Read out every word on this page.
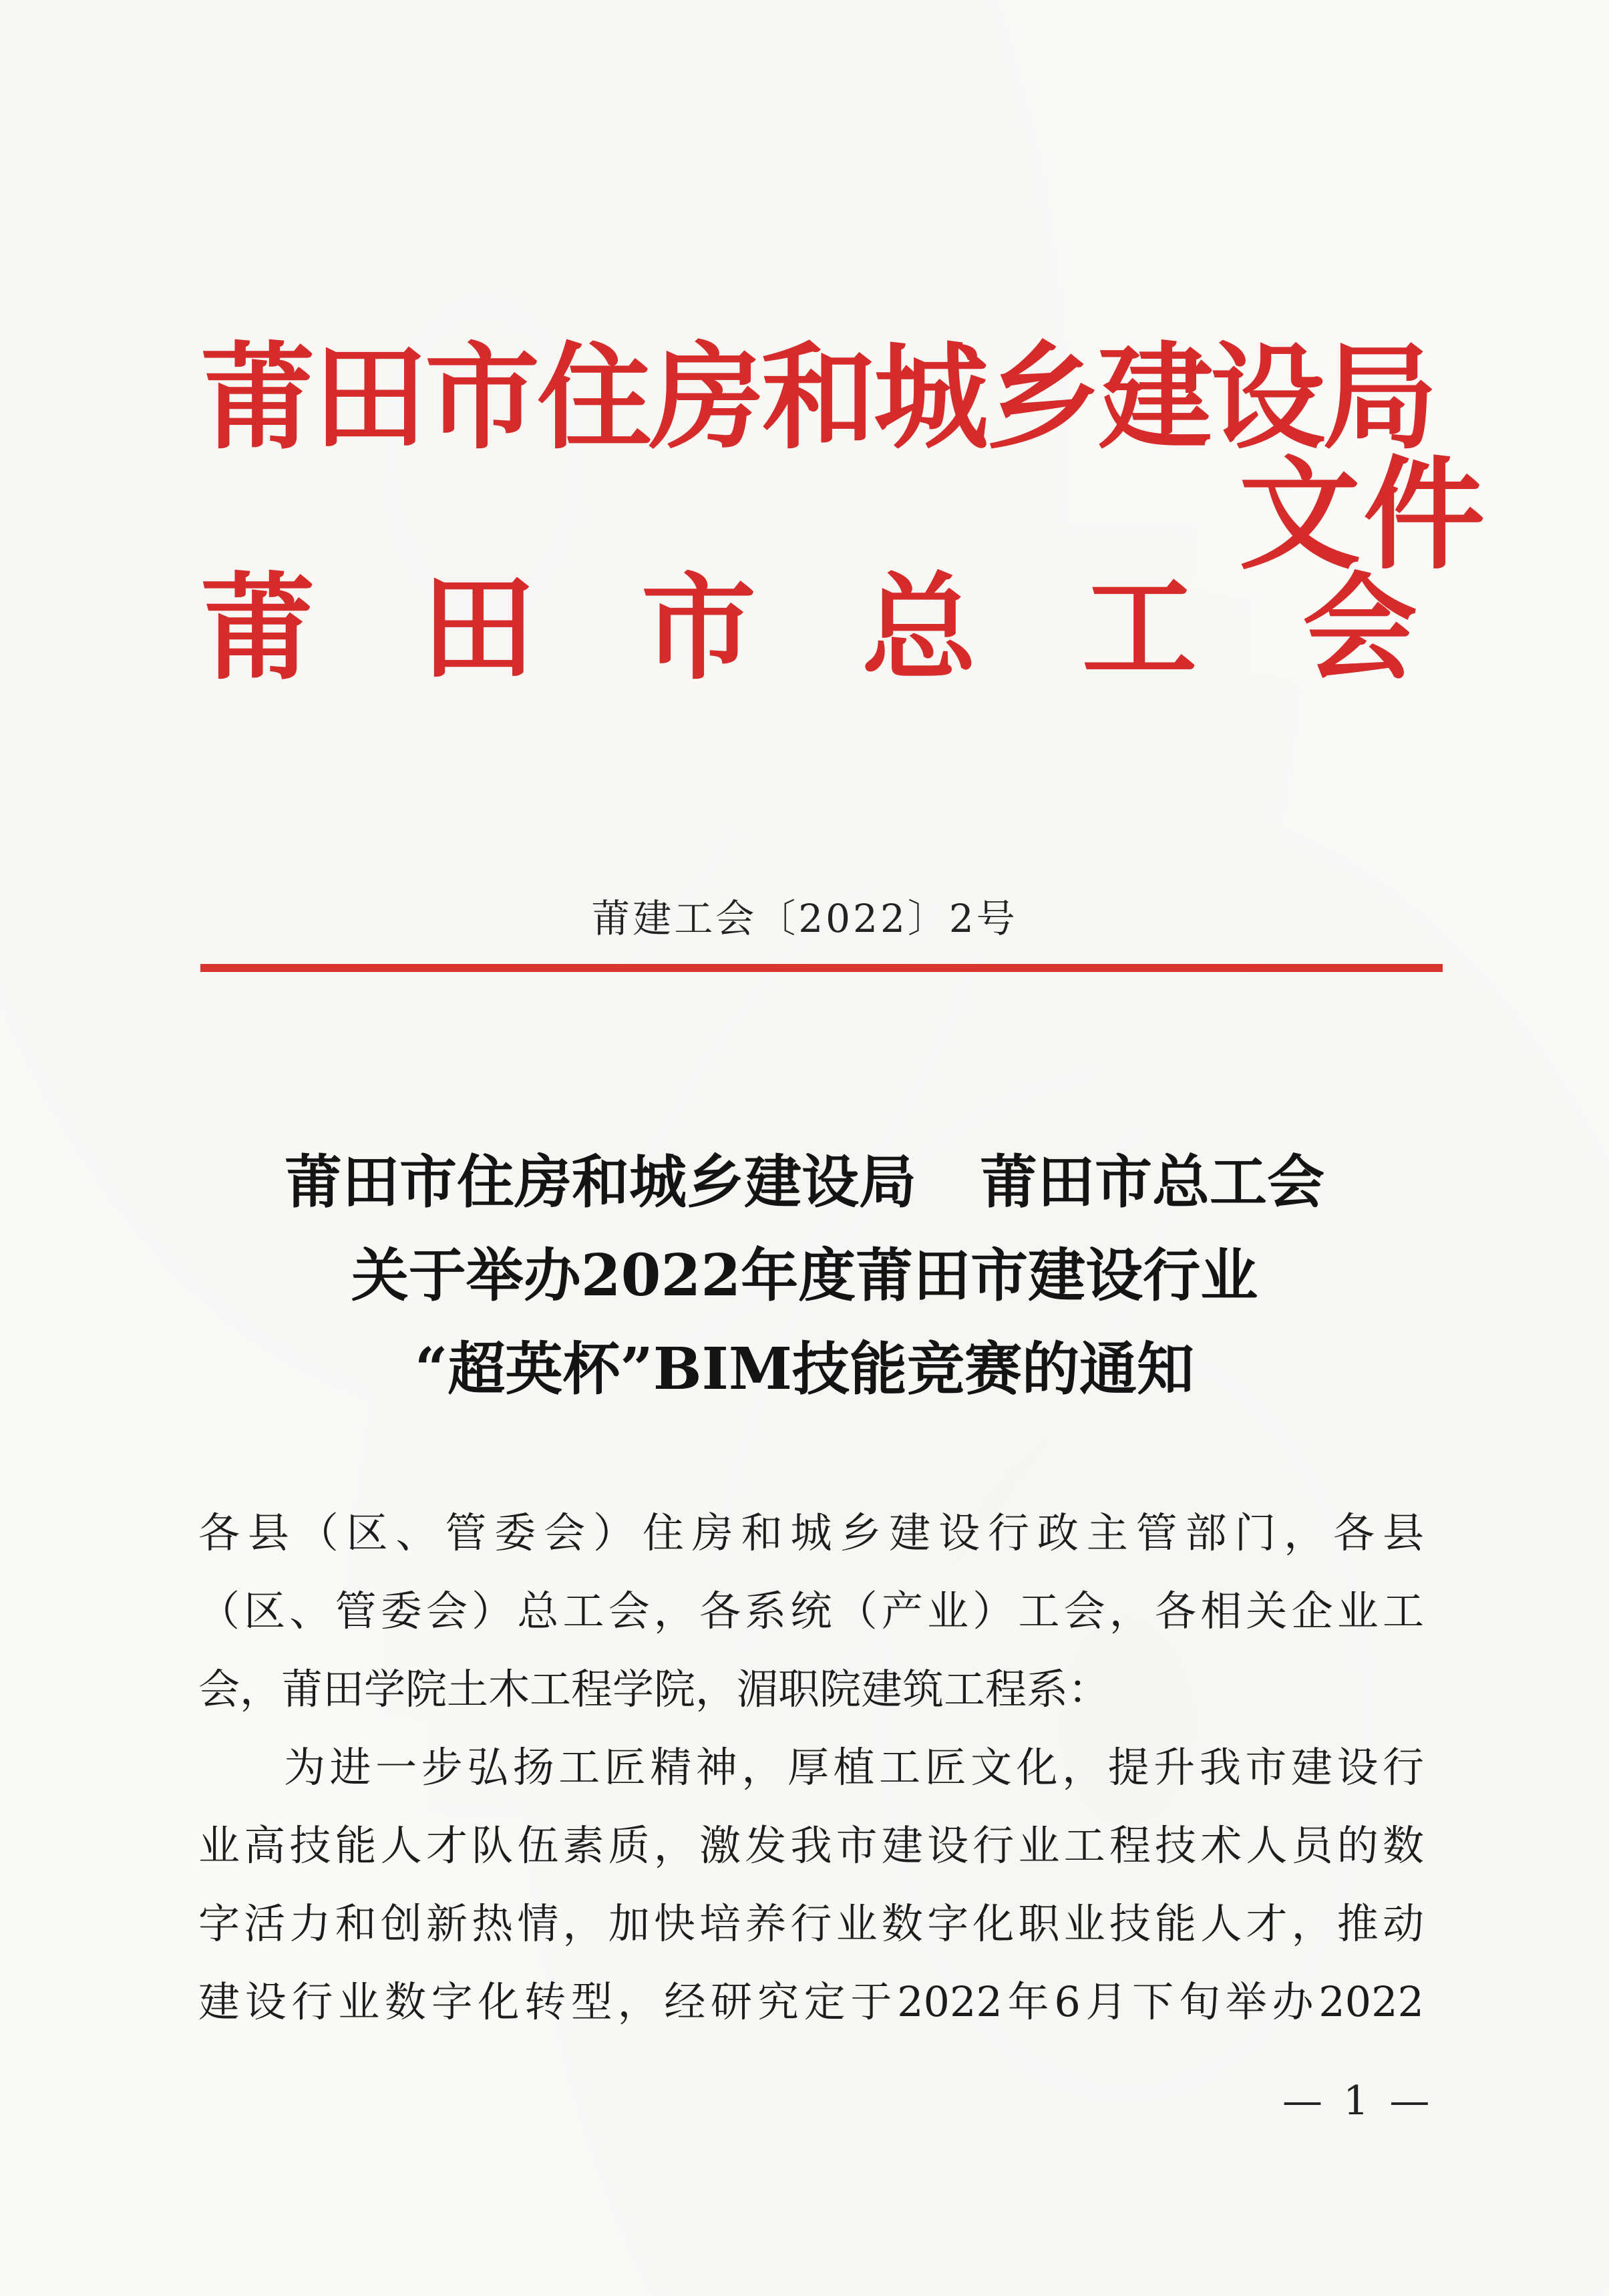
莆田市住房和城乡建设局
莆田市总工会
文件
莆建工会〔2022〕2号
莆田市住房和城乡建设局 莆田市总工会
关于举办2022年度莆田市建设行业
“超英杯”BIM技能竞赛的通知
各县（区、管委会）住房和城乡建设行政主管部门，各县
（区、管委会）总工会，各系统（产业）工会，各相关企业工
会，莆田学院土木工程学院，湄职院建筑工程系：
为进一步弘扬工匠精神，厚植工匠文化，提升我市建设行
业高技能人才队伍素质，激发我市建设行业工程技术人员的数
字活力和创新热情，加快培养行业数字化职业技能人才，推动
建设行业数字化转型，经研究定于2022年6月下旬举办2022
— 1 —
